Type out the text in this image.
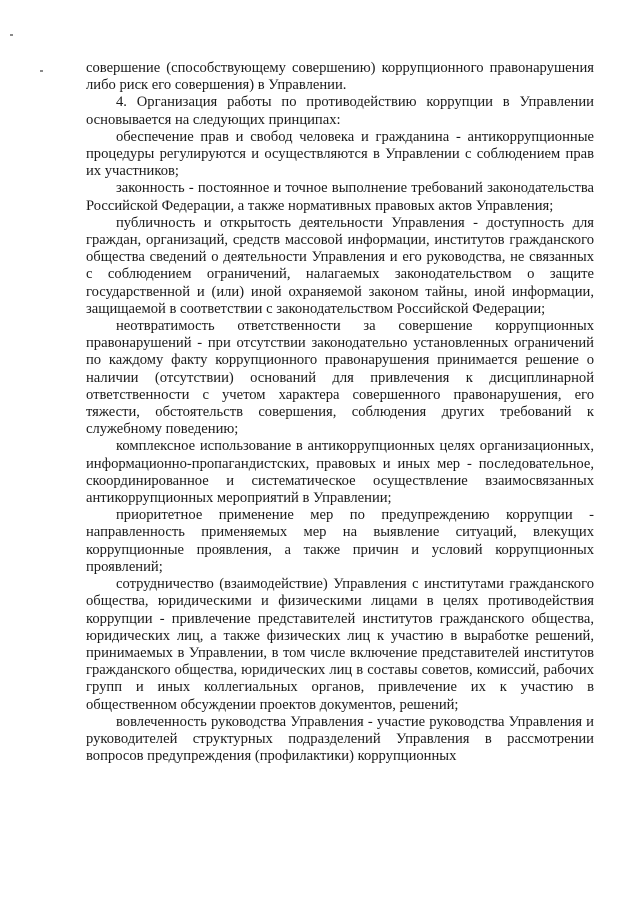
совершение (способствующему совершению) коррупционного правонарушения либо риск его совершения) в Управлении.

4. Организация работы по противодействию коррупции в Управлении основывается на следующих принципах:

обеспечение прав и свобод человека и гражданина - антикоррупционные процедуры регулируются и осуществляются в Управлении с соблюдением прав их участников;

законность - постоянное и точное выполнение требований законодательства Российской Федерации, а также нормативных правовых актов Управления;

публичность и открытость деятельности Управления - доступность для граждан, организаций, средств массовой информации, институтов гражданского общества сведений о деятельности Управления и его руководства, не связанных с соблюдением ограничений, налагаемых законодательством о защите государственной и (или) иной охраняемой законом тайны, иной информации, защищаемой в соответствии с законодательством Российской Федерации;

неотвратимость ответственности за совершение коррупционных правонарушений - при отсутствии законодательно установленных ограничений по каждому факту коррупционного правонарушения принимается решение о наличии (отсутствии) оснований для привлечения к дисциплинарной ответственности с учетом характера совершенного правонарушения, его тяжести, обстоятельств совершения, соблюдения других требований к служебному поведению;

комплексное использование в антикоррупционных целях организационных, информационно-пропагандистских, правовых и иных мер - последовательное, скоординированное и систематическое осуществление взаимосвязанных антикоррупционных мероприятий в Управлении;

приоритетное применение мер по предупреждению коррупции - направленность применяемых мер на выявление ситуаций, влекущих коррупционные проявления, а также причин и условий коррупционных проявлений;

сотрудничество (взаимодействие) Управления с институтами гражданского общества, юридическими и физическими лицами в целях противодействия коррупции - привлечение представителей институтов гражданского общества, юридических лиц, а также физических лиц к участию в выработке решений, принимаемых в Управлении, в том числе включение представителей институтов гражданского общества, юридических лиц в составы советов, комиссий, рабочих групп и иных коллегиальных органов, привлечение их к участию в общественном обсуждении проектов документов, решений;

вовлеченность руководства Управления - участие руководства Управления и руководителей структурных подразделений Управления в рассмотрении вопросов предупреждения (профилактики) коррупционных
